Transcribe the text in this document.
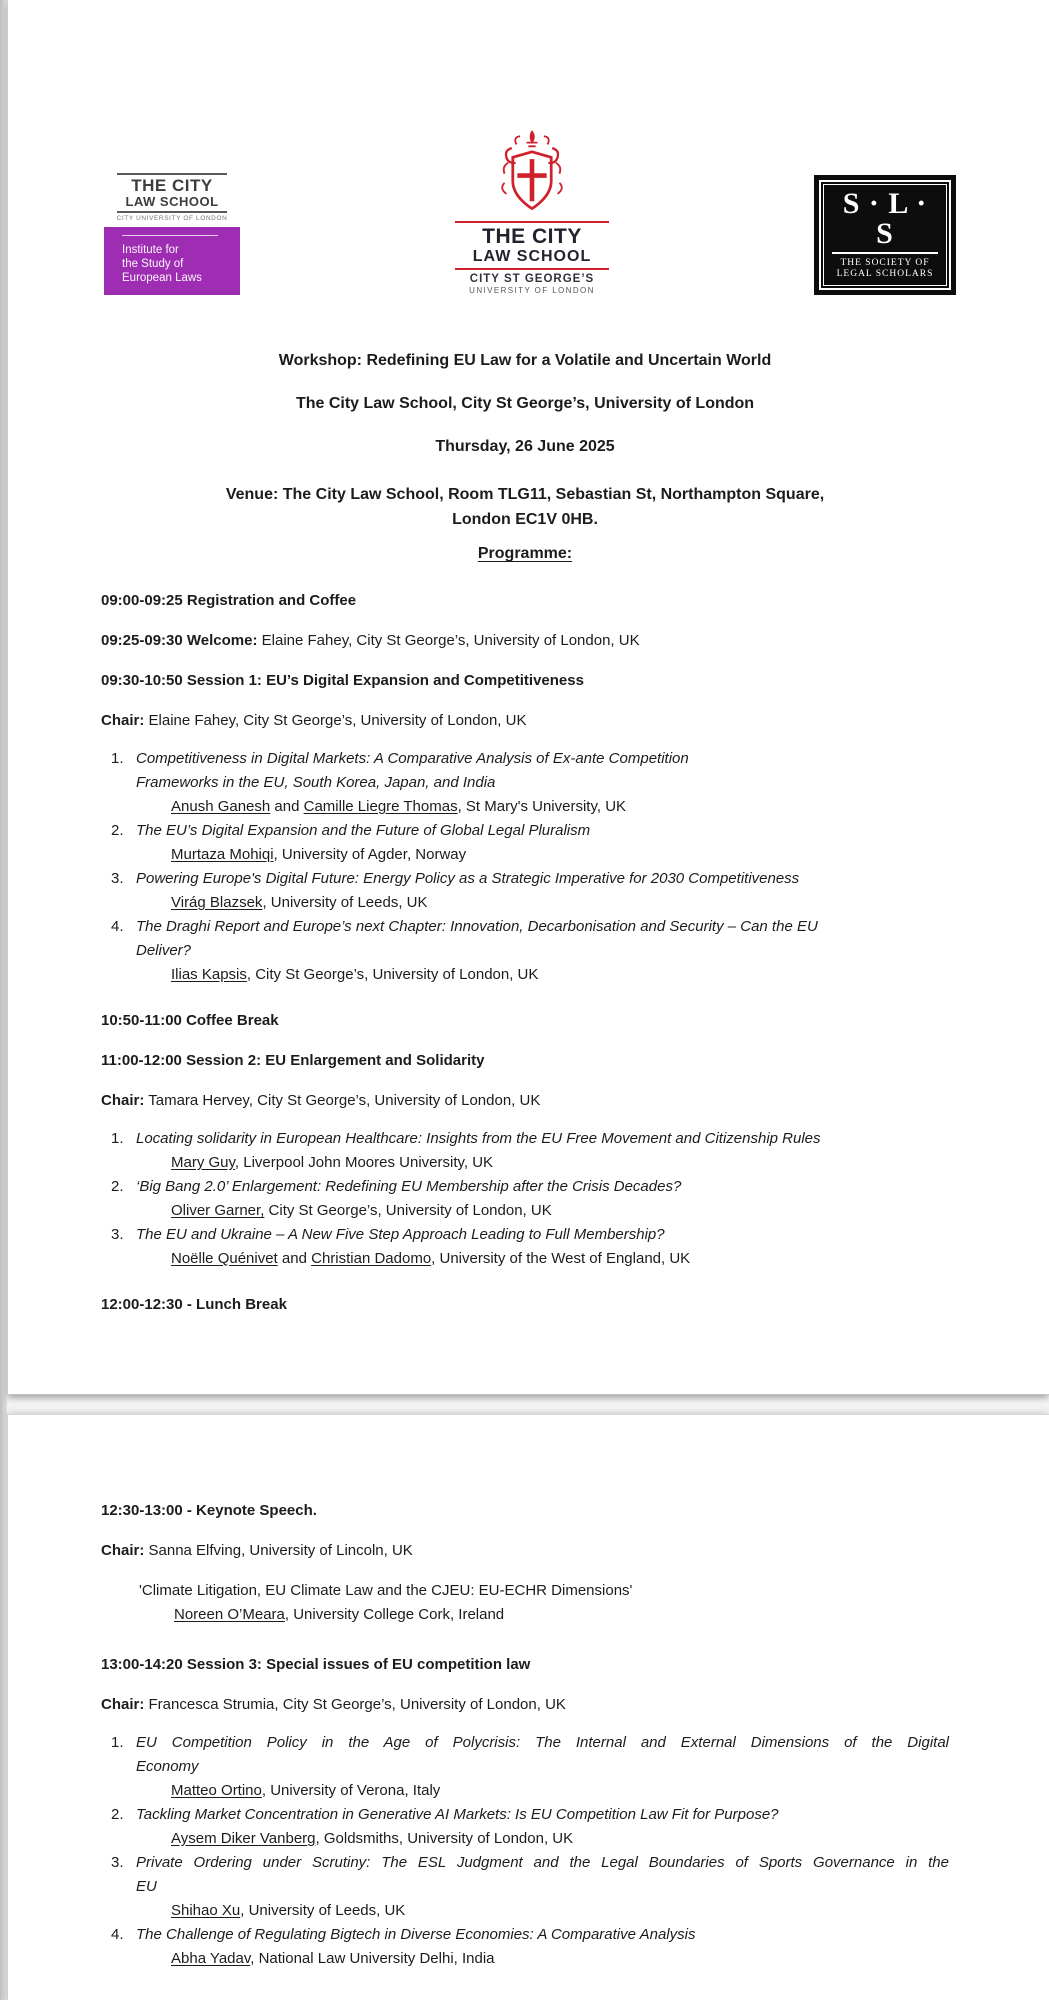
THE CITY
LAW SCHOOL
CITY UNIVERSITY OF LONDON
Institute for
the Study of
European Laws
THE CITY
LAW SCHOOL
CITY ST GEORGE’S
UNIVERSITY OF LONDON
S · L · S
THE SOCIETY OF
LEGAL SCHOLARS

Workshop: Redefining EU Law for a Volatile and Uncertain World

The City Law School, City St George’s, University of London

Thursday, 26 June 2025

Venue: The City Law School, Room TLG11, Sebastian St, Northampton Square,
London EC1V 0HB.

Programme:

09:00-09:25 Registration and Coffee

09:25-09:30 Welcome: Elaine Fahey, City St George’s, University of London, UK

09:30-10:50 Session 1: EU’s Digital Expansion and Competitiveness

Chair: Elaine Fahey, City St George’s, University of London, UK

1. Competitiveness in Digital Markets: A Comparative Analysis of Ex-ante Competition
Frameworks in the EU, South Korea, Japan, and India
Anush Ganesh and Camille Liegre Thomas, St Mary's University, UK
2. The EU’s Digital Expansion and the Future of Global Legal Pluralism
Murtaza Mohiqi, University of Agder, Norway
3. Powering Europe's Digital Future: Energy Policy as a Strategic Imperative for 2030 Competitiveness
Virág Blazsek, University of Leeds, UK
4. The Draghi Report and Europe’s next Chapter: Innovation, Decarbonisation and Security – Can the EU
Deliver?
Ilias Kapsis, City St George’s, University of London, UK

10:50-11:00 Coffee Break

11:00-12:00 Session 2: EU Enlargement and Solidarity

Chair: Tamara Hervey, City St George’s, University of London, UK

1. Locating solidarity in European Healthcare: Insights from the EU Free Movement and Citizenship Rules
Mary Guy, Liverpool John Moores University, UK
2. ‘Big Bang 2.0’ Enlargement: Redefining EU Membership after the Crisis Decades?
Oliver Garner, City St George’s, University of London, UK
3. The EU and Ukraine – A New Five Step Approach Leading to Full Membership?
Noëlle Quénivet and Christian Dadomo, University of the West of England, UK

12:00-12:30 - Lunch Break

12:30-13:00 - Keynote Speech.

Chair: Sanna Elfving, University of Lincoln, UK

'Climate Litigation, EU Climate Law and the CJEU: EU-ECHR Dimensions'

Noreen O’Meara, University College Cork, Ireland

13:00-14:20 Session 3: Special issues of EU competition law

Chair: Francesca Strumia, City St George’s, University of London, UK

1. EU Competition Policy in the Age of Polycrisis: The Internal and External Dimensions of the Digital
Economy
Matteo Ortino, University of Verona, Italy
2. Tackling Market Concentration in Generative AI Markets: Is EU Competition Law Fit for Purpose?
Aysem Diker Vanberg, Goldsmiths, University of London, UK
3. Private Ordering under Scrutiny: The ESL Judgment and the Legal Boundaries of Sports Governance in the
EU
Shihao Xu, University of Leeds, UK
4. The Challenge of Regulating Bigtech in Diverse Economies: A Comparative Analysis
Abha Yadav, National Law University Delhi, India
